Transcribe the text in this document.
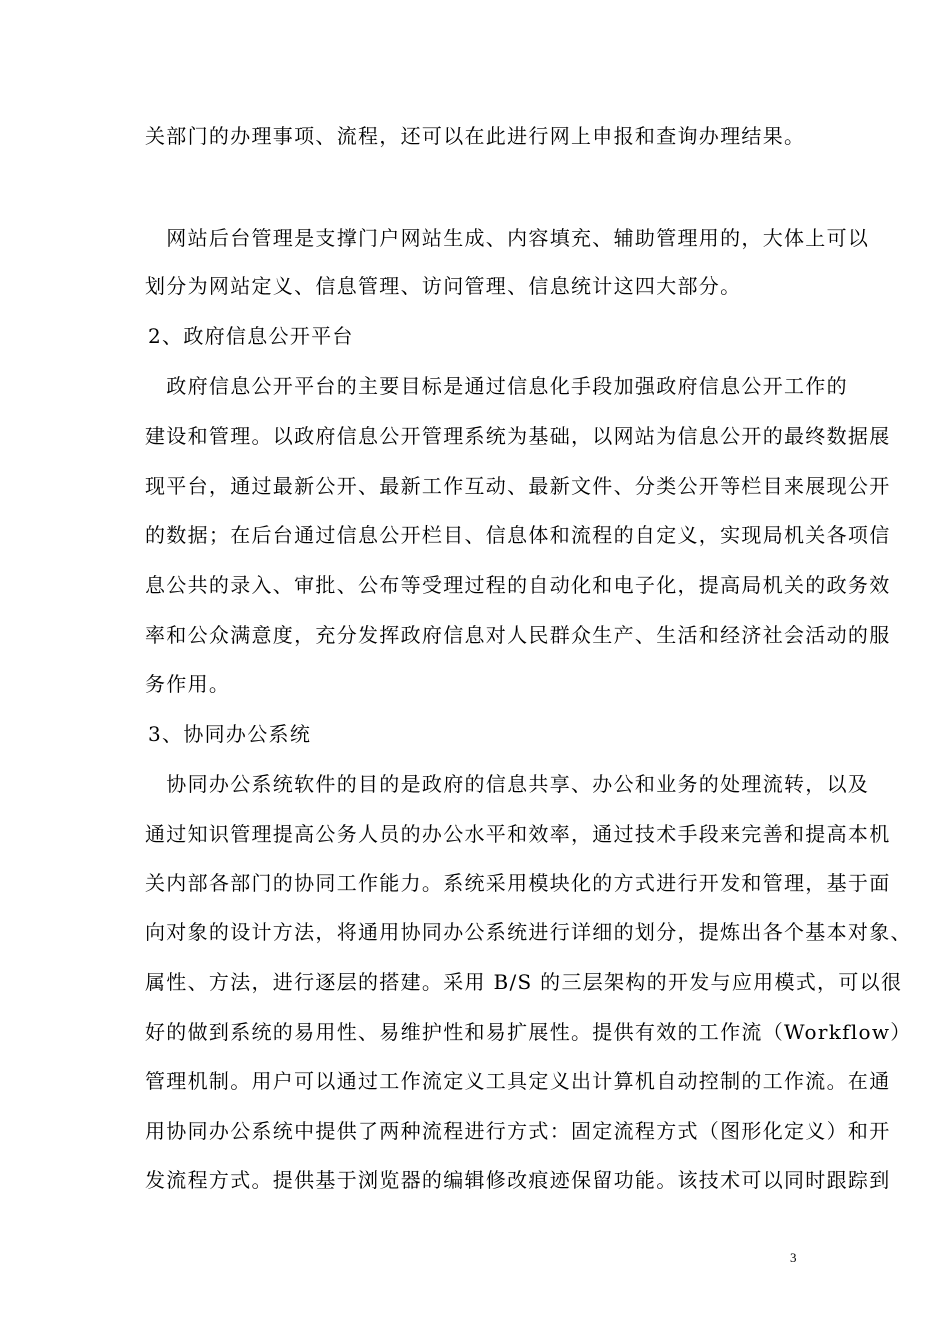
关部门的办理事项、流程，还可以在此进行网上申报和查询办理结果。
　网站后台管理是支撑门户网站生成、内容填充、辅助管理用的，大体上可以
划分为网站定义、信息管理、访问管理、信息统计这四大部分。
2、政府信息公开平台
　政府信息公开平台的主要目标是通过信息化手段加强政府信息公开工作的
建设和管理。以政府信息公开管理系统为基础，以网站为信息公开的最终数据展
现平台，通过最新公开、最新工作互动、最新文件、分类公开等栏目来展现公开
的数据；在后台通过信息公开栏目、信息体和流程的自定义，实现局机关各项信
息公共的录入、审批、公布等受理过程的自动化和电子化，提高局机关的政务效
率和公众满意度，充分发挥政府信息对人民群众生产、生活和经济社会活动的服
务作用。
3、协同办公系统
　协同办公系统软件的目的是政府的信息共享、办公和业务的处理流转，以及
通过知识管理提高公务人员的办公水平和效率，通过技术手段来完善和提高本机
关内部各部门的协同工作能力。系统采用模块化的方式进行开发和管理，基于面
向对象的设计方法，将通用协同办公系统进行详细的划分，提炼出各个基本对象、
属性、方法，进行逐层的搭建。采用 B/S 的三层架构的开发与应用模式，可以很
好的做到系统的易用性、易维护性和易扩展性。提供有效的工作流（Workflow）
管理机制。用户可以通过工作流定义工具定义出计算机自动控制的工作流。在通
用协同办公系统中提供了两种流程进行方式：固定流程方式（图形化定义）和开
发流程方式。提供基于浏览器的编辑修改痕迹保留功能。该技术可以同时跟踪到
3
